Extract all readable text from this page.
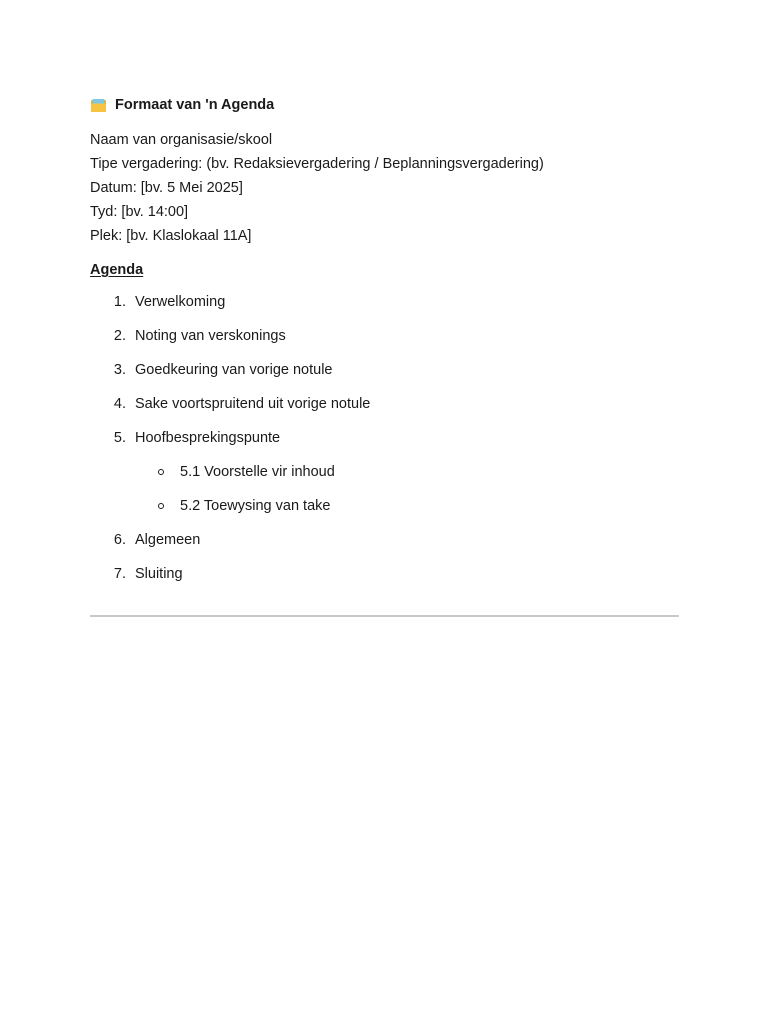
Formaat van 'n Agenda
Naam van organisasie/skool
Tipe vergadering: (bv. Redaksievergadering / Beplanningsvergadering)
Datum: [bv. 5 Mei 2025]
Tyd: [bv. 14:00]
Plek: [bv. Klaslokaal 11A]
Agenda
1. Verwelkoming
2. Noting van verskonings
3. Goedkeuring van vorige notule
4. Sake voortspruitend uit vorige notule
5. Hoofbesprekingspunte
5.1 Voorstelle vir inhoud
5.2 Toewysing van take
6. Algemeen
7. Sluiting
